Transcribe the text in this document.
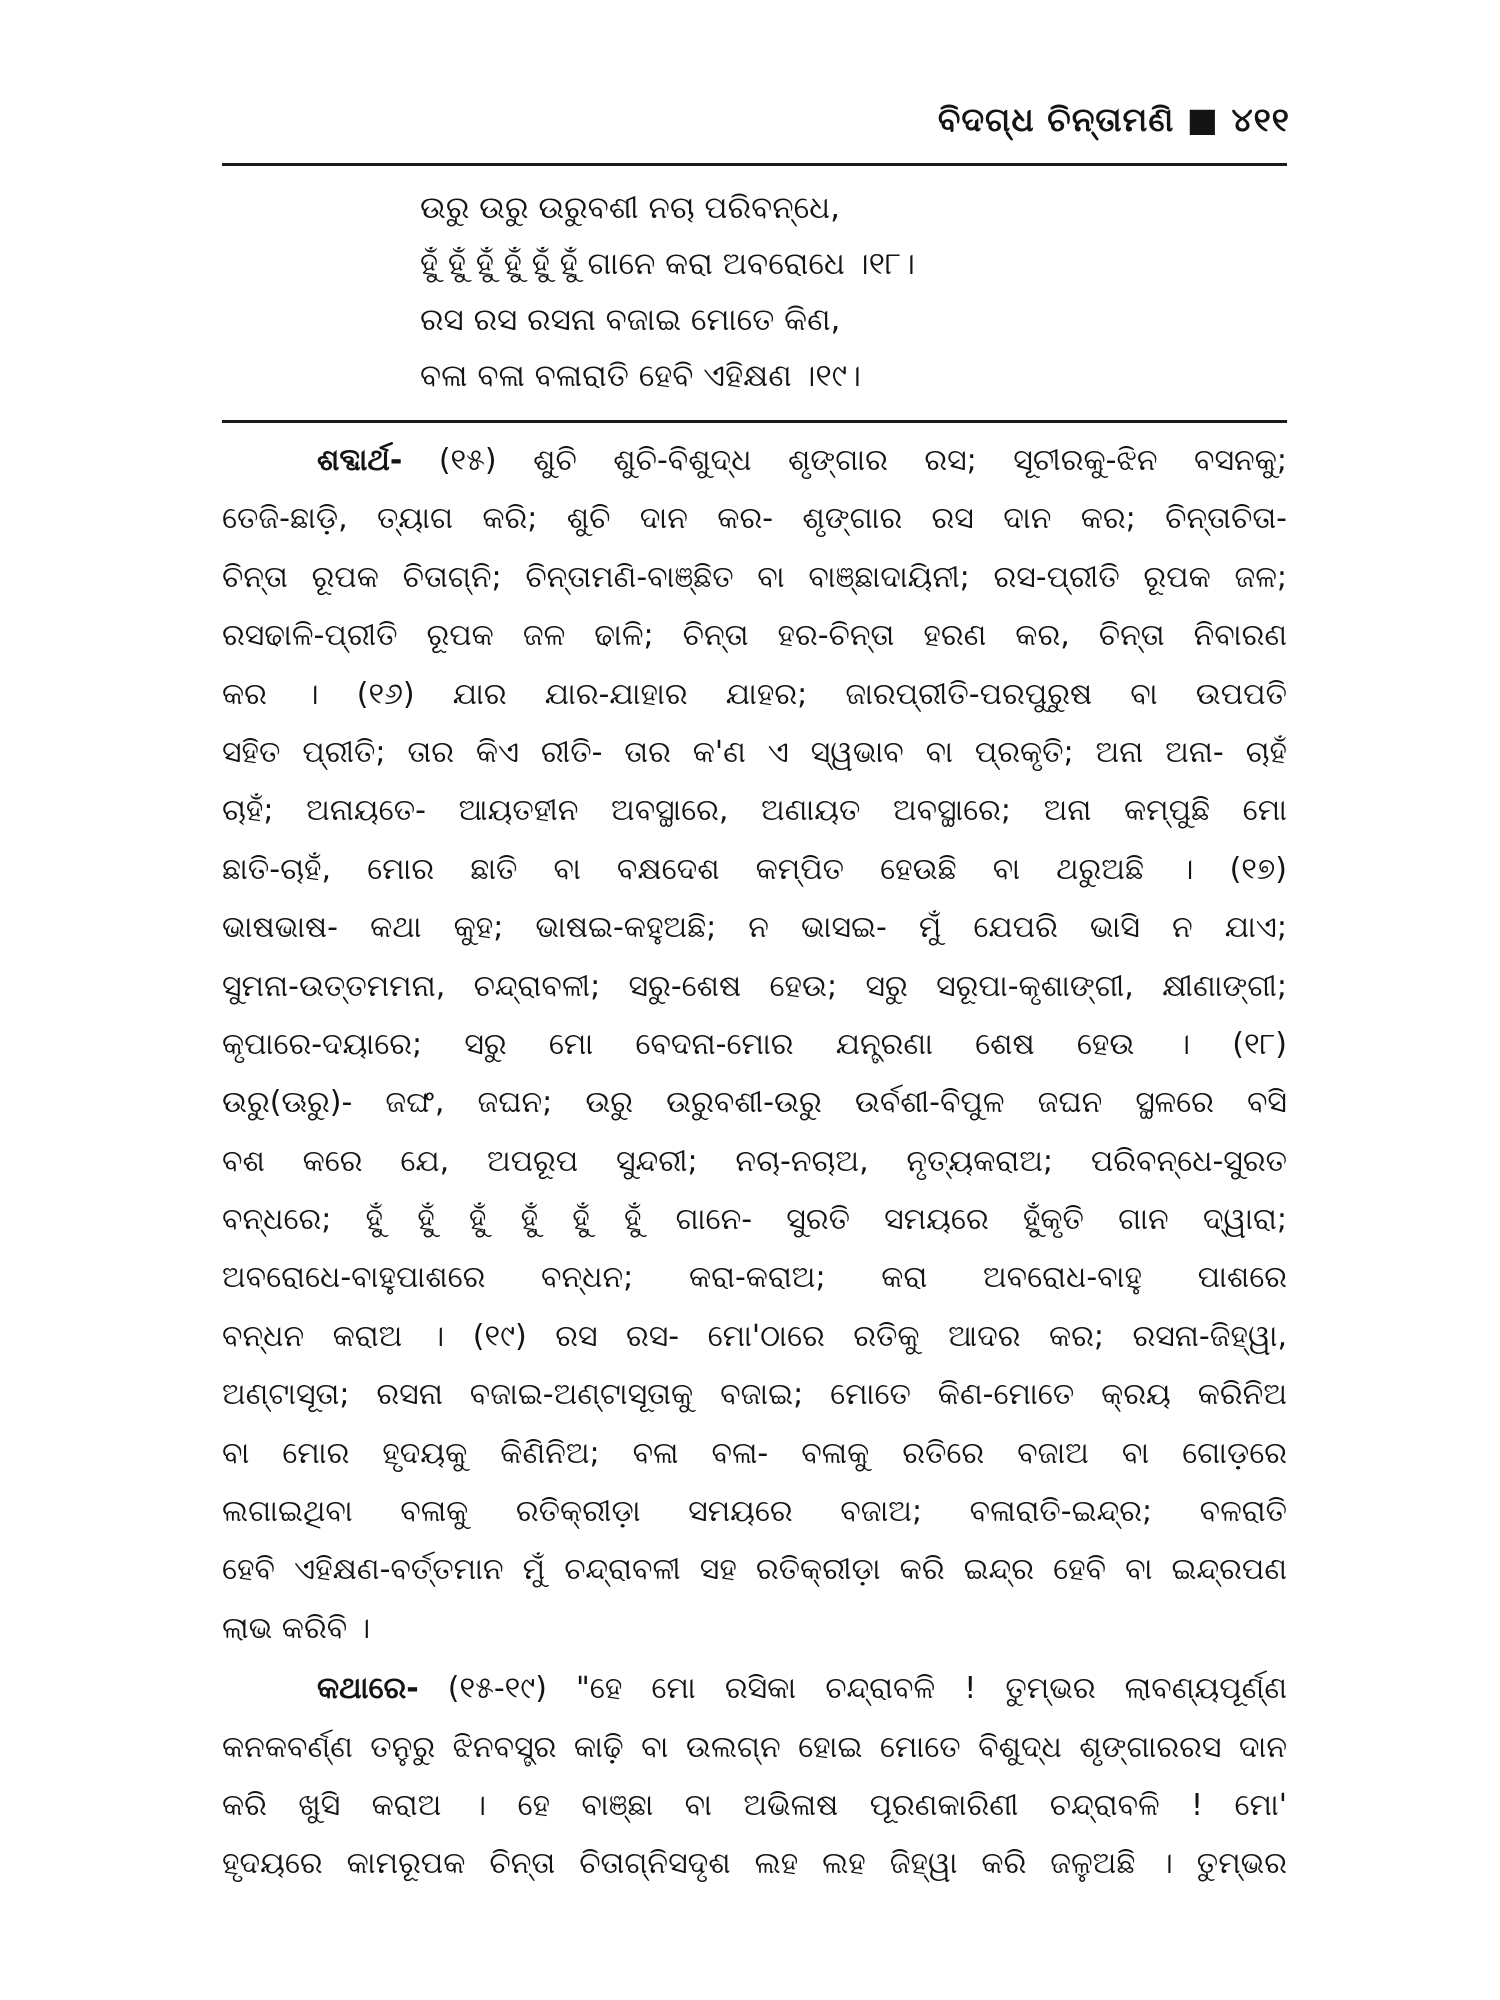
ବିଦଗ୍ଧ ଚିନ୍ତାମଣି ■ ୪୧୧
ଉରୁ ଉରୁ ଉରୁବଶୀ ନଚା ପରିବନ୍ଧେ,
ହୁଁ ହୁଁ ହୁଁ ହୁଁ ହୁଁ ହୁଁ ଗାନେ କରା ଅବରୋଧେ ।୧୮।
ରସ ରସ ରସନା ବଜାଇ ମୋତେ କିଣ,
ବଳା ବଳା ବଳାରାତି ହେବି ଏହିକ୍ଷଣ ।୧୯।
ଶବ୍ଦାର୍ଥ- (୧୫) ଶୁଚି ଶୁଚି-ବିଶୁଦ୍ଧ ଶୃଙ୍ଗାର ରସ; ସୂଚୀରକୁ-ଝିନ ବସନକୁ;
ତେଜି-ଛାଡ଼ି, ତ୍ୟାଗ କରି; ଶୁଚି ଦାନ କର- ଶୃଙ୍ଗାର ରସ ଦାନ କର; ଚିନ୍ତାଚିତା-
ଚିନ୍ତା ରୂପକ ଚିତାଗ୍ନି; ଚିନ୍ତାମଣି-ବାଞ୍ଛିତ ବା ବାଞ୍ଛାଦାୟିନୀ; ରସ-ପ୍ରୀତି ରୂପକ ଜଳ;
ରସଢାଳି-ପ୍ରୀତି ରୂପକ ଜଳ ଢାଳି; ଚିନ୍ତା ହର-ଚିନ୍ତା ହରଣ କର, ଚିନ୍ତା ନିବାରଣ
କର । (୧୬) ଯାର ଯାର-ଯାହାର ଯାହର; ଜାରପ୍ରୀତି-ପରପୁରୁଷ ବା ଉପପତି
ସହିତ ପ୍ରୀତି; ତାର କିଏ ରୀତି- ତାର କ'ଣ ଏ ସ୍ୱଭାବ ବା ପ୍ରକୃତି; ଅନା ଅନା- ଚାହଁ
ଚାହଁ; ଅନାୟତେ- ଆୟତହୀନ ଅବସ୍ଥାରେ, ଅଣାୟତ ଅବସ୍ଥାରେ; ଅନା କମ୍ପୁଛି ମୋ
ଛାତି-ଚାହଁ, ମୋର ଛାତି ବା ବକ୍ଷଦେଶ କମ୍ପିତ ହେଉଛି ବା ଥରୁଅଛି । (୧୭)
ଭାଷଭାଷ- କଥା କୁହ; ଭାଷଇ-କହୁଅଛି; ନ ଭାସଇ- ମୁଁ ଯେପରି ଭାସି ନ ଯାଏ;
ସୁମନା-ଉତ୍ତମମନା, ଚନ୍ଦ୍ରାବଳୀ; ସରୁ-ଶେଷ ହେଉ; ସରୁ ସରୂପା-କୃଶାଙ୍ଗୀ, କ୍ଷୀଣାଙ୍ଗୀ;
କୃପାରେ-ଦୟାରେ; ସରୁ ମୋ ବେଦନା-ମୋର ଯନ୍ତ୍ରଣା ଶେଷ ହେଉ । (୧୮)
ଉରୁ(ଊରୁ)- ଜଙ୍ଘ, ଜଘନ; ଉରୁ ଉରୁବଶୀ-ଉରୁ ଉର୍ବଶୀ-ବିପୁଳ ଜଘନ ସ୍ଥଳରେ ବସି
ବଶ କରେ ଯେ, ଅପରୂପ ସୁନ୍ଦରୀ; ନଚା-ନଚାଅ, ନୃତ୍ୟକରାଅ; ପରିବନ୍ଧେ-ସୁରତ
ବନ୍ଧରେ; ହୁଁ ହୁଁ ହୁଁ ହୁଁ ହୁଁ ହୁଁ ଗାନେ- ସୁରତି ସମୟରେ ହୁଁକୃତି ଗାନ ଦ୍ୱାରା;
ଅବରୋଧେ-ବାହୁପାଶରେ ବନ୍ଧନ; କରା-କରାଅ; କରା ଅବରୋଧ-ବାହୁ ପାଶରେ
ବନ୍ଧନ କରାଅ । (୧୯) ରସ ରସ- ମୋ'ଠାରେ ରତିକୁ ଆଦର କର; ରସନା-ଜିହ୍ୱା,
ଅଣ୍ଟାସୂତା; ରସନା ବଜାଇ-ଅଣ୍ଟାସୂତାକୁ ବଜାଇ; ମୋତେ କିଣ-ମୋତେ କ୍ରୟ କରିନିଅ
ବା ମୋର ହୃଦୟକୁ କିଣିନିଅ; ବଳା ବଳା- ବଳାକୁ ରତିରେ ବଜାଅ ବା ଗୋଡ଼ରେ
ଲଗାଇଥିବା ବଳାକୁ ରତିକ୍ରୀଡ଼ା ସମୟରେ ବଜାଅ; ବଳାରାତି-ଇନ୍ଦ୍ର; ବଳରାତି
ହେବି ଏହିକ୍ଷଣ-ବର୍ତ୍ତମାନ ମୁଁ ଚନ୍ଦ୍ରାବଳୀ ସହ ରତିକ୍ରୀଡ଼ା କରି ଇନ୍ଦ୍ର ହେବି ବା ଇନ୍ଦ୍ରପଣ
ଲାଭ କରିବି ।
କଥାରେ- (୧୫-୧୯) "ହେ ମୋ ରସିକା ଚନ୍ଦ୍ରାବଳି ! ତୁମ୍ଭର ଲାବଣ୍ୟପୂର୍ଣ୍ଣ
କନକବର୍ଣ୍ଣ ତନୁରୁ ଝିନବସ୍ତ୍ର କାଢ଼ି ବା ଉଲଗ୍ନ ହୋଇ ମୋତେ ବିଶୁଦ୍ଧ ଶୃଙ୍ଗାରରସ ଦାନ
କରି ଖୁସି କରାଅ । ହେ ବାଞ୍ଛା ବା ଅଭିଳାଷ ପୂରଣକାରିଣୀ ଚନ୍ଦ୍ରାବଳି ! ମୋ'
ହୃଦୟରେ କାମରୂପକ ଚିନ୍ତା ଚିତାଗ୍ନିସଦୃଶ ଲହ ଲହ ଜିହ୍ୱା କରି ଜଳୁଅଛି । ତୁମ୍ଭର
